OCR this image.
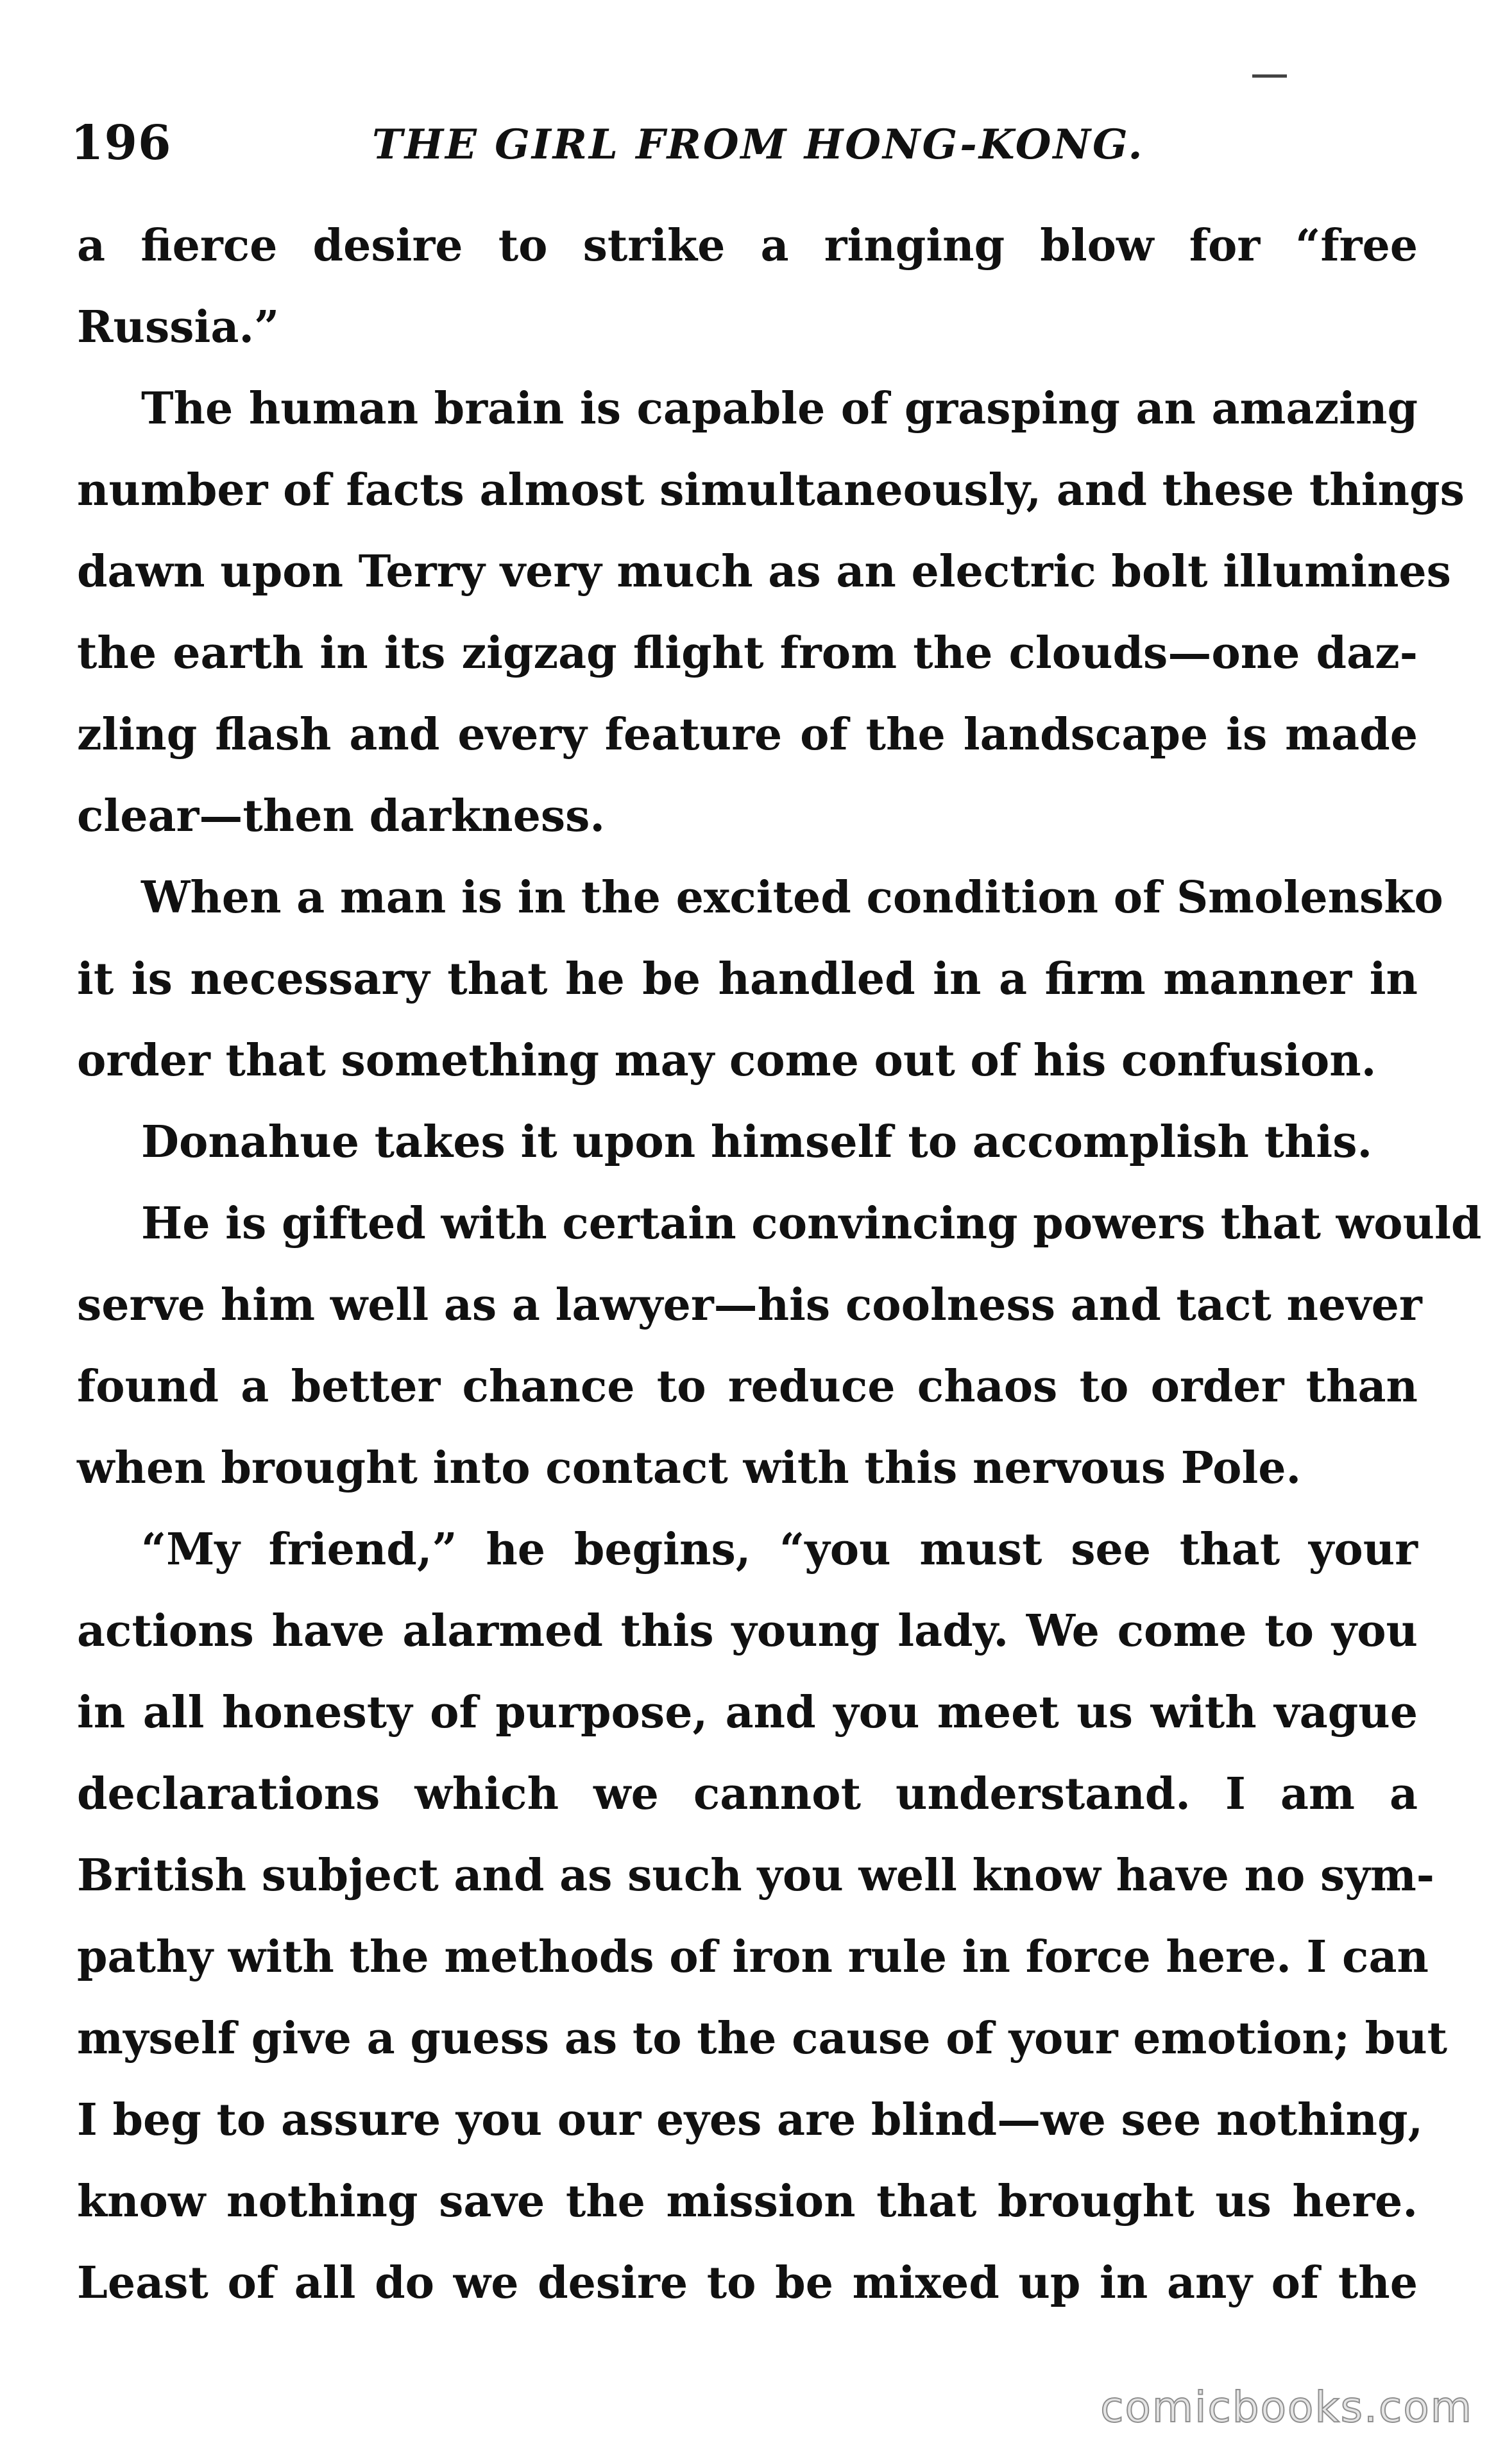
196	THE GIRL FROM HONG-KONG.
a fierce desire to strike a ringing blow for “free
Russia.”
The human brain is capable of grasping an amazing
number of facts almost simultaneously, and these things
dawn upon Terry very much as an electric bolt illumines
the earth in its zigzag flight from the clouds—one daz-
zling flash and every feature of the landscape is made
clear—then darkness.
When a man is in the excited condition of Smolensko
it is necessary that he be handled in a firm manner in
order that something may come out of his confusion.
Donahue takes it upon himself to accomplish this.
He is gifted with certain convincing powers that would
serve him well as a lawyer—his coolness and tact never
found a better chance to reduce chaos to order than
when brought into contact with this nervous Pole.
“My friend,” he begins, “you must see that your
actions have alarmed this young lady. We come to you
in all honesty of purpose, and you meet us with vague
declarations which we cannot understand. I am a
British subject and as such you well know have no sym-
pathy with the methods of iron rule in force here. I can
myself give a guess as to the cause of your emotion; but
I beg to assure you our eyes are blind—we see nothing,
know nothing save the mission that brought us here.
Least of all do we desire to be mixed up in any of the
comicbooks.com
